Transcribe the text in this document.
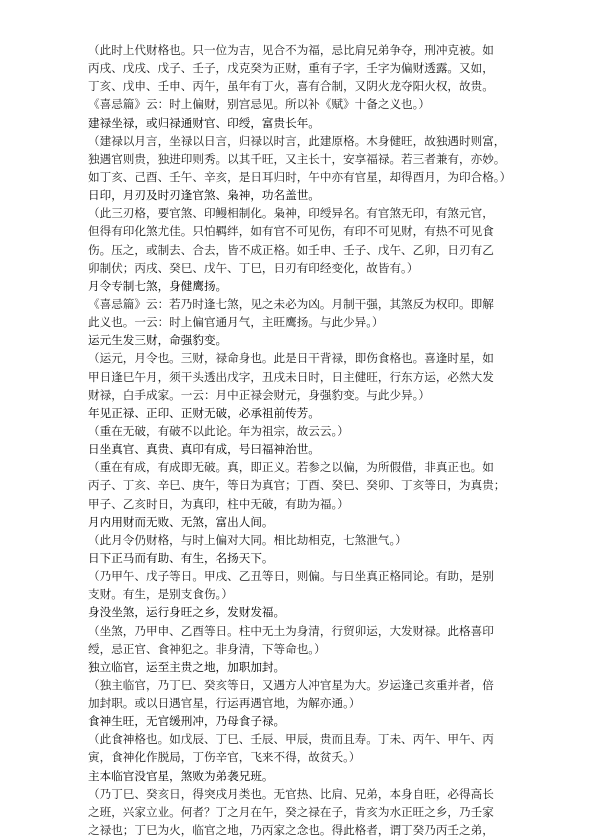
（此时上代财格也。只一位为吉，见合不为福，忌比肩兄弟争夺，刑冲克被。如
丙戌、戊戌、戊子、壬子，戊克癸为正财，重有子字，壬字为偏财透露。又如，
丁亥、戊申、壬申、丙午，虽年有丁火，喜有合制，又阴火龙夺阳火权，故贵。
《喜忌篇》云：时上偏财，别宫忌见。所以补《赋》十备之义也。）
建禄坐禄，或归禄通财官、印绶，富贵长年。
（建禄以月言，坐禄以日言，归禄以时言，此建原格。木身健旺，故独遇时则富，
独遇官则贵，独进印则秀。以其千旺，又主长十，安享福禄。若三者兼有，亦妙。
如丁亥、己酉、壬午、辛亥，是日耳归时，午中亦有官星，却得酉月，为印合格。）
日印，月刃及时刃逢官煞、枭神，功名盖世。
（此三刃格，要官煞、印鳗相制化。枭神，印绶异名。有官煞无印，有煞元官，
但得有印化煞尤佳。只怕羁绊，如有官不可见伤，有印不可见财，有热不可见食
伤。压之，或制去、合去，皆不成正格。如壬申、壬子、戊午、乙卯，日刃有乙
卯制伏；丙戌、癸巳、戊午、丁巳，日刃有印经变化，故皆有。）
月令专制七煞，身健鹰扬。
《喜忌篇》云：若乃时逢七煞，见之未必为凶。月制干强，其煞反为权印。即解
此义也。一云：时上偏官通月气，主旺鹰扬。与此少异。）
运元生发三财，命强豹变。
（运元，月令也。三财，禄命身也。此是日干背禄，即伤食格也。喜逢时星，如
甲日逢巳午月，须干头透出戊字，丑戌未日时，日主健旺，行东方运，必然大发
财禄，白手成家。一云：月中正禄会财元，身强豹变。与此少异。）
年见正禄、正印、正财无破，必承祖前传芳。
（重在无破，有破不以此论。年为祖宗，故云云。）
日坐真官、真贵、真印有成，号曰福神治世。
（重在有成，有成即无破。真，即正义。若参之以偏，为所假借，非真正也。如
丙子、丁亥、辛巳、庚午，等日为真官；丁酉、癸巳、癸卯、丁亥等日，为真贵；
甲子、乙亥时日，为真印，柱中无破，有助为福。）
月内用财而无败、无煞，富出人间。
（此月令仍财格，与时上偏对大同。相比劫相克，七煞泄气。）
日下正马而有助、有生，名扬天下。
（乃甲午、戊子等日。甲戌、乙丑等日，则偏。与日坐真正格同论。有助，是别
支财。有生，是别支食伤。）
身没坐煞，运行身旺之乡，发财发福。
（坐煞，乃甲申、乙酉等日。柱中无土为身清，行贸卯运，大发财禄。此格喜印
绶，忌正官、食神犯之。非身清，下等命也。）
独立临官，运至主贵之地，加职加封。
（独主临官，乃丁巳、癸亥等日，又遇方人冲官星为大。岁运逢己亥重并者，倍
加封职。或以日遇官星，行运再遇官地，为解亦通。）
食神生旺，无官缓刑冲，乃母食子禄。
（此食神格也。如戊辰、丁巳、壬辰、甲辰，贵而且寿。丁未、丙午、甲午、丙
寅，食神化作脱局，丁伤辛官，飞来不得，故贫夭。）
主本临官没官星，煞败为弟袭兄班。
（乃丁巳、癸亥日，得突戌月类也。无官热、比肩、兄弟，本身自旺，必得高长
之班，兴家立业。何者？丁之月在午，癸之禄在子，肯亥为水正旺之乡，乃壬家
之禄也；丁巳为火，临官之地，乃丙家之念也。得此格者，谓丁癸乃丙壬之弟，
